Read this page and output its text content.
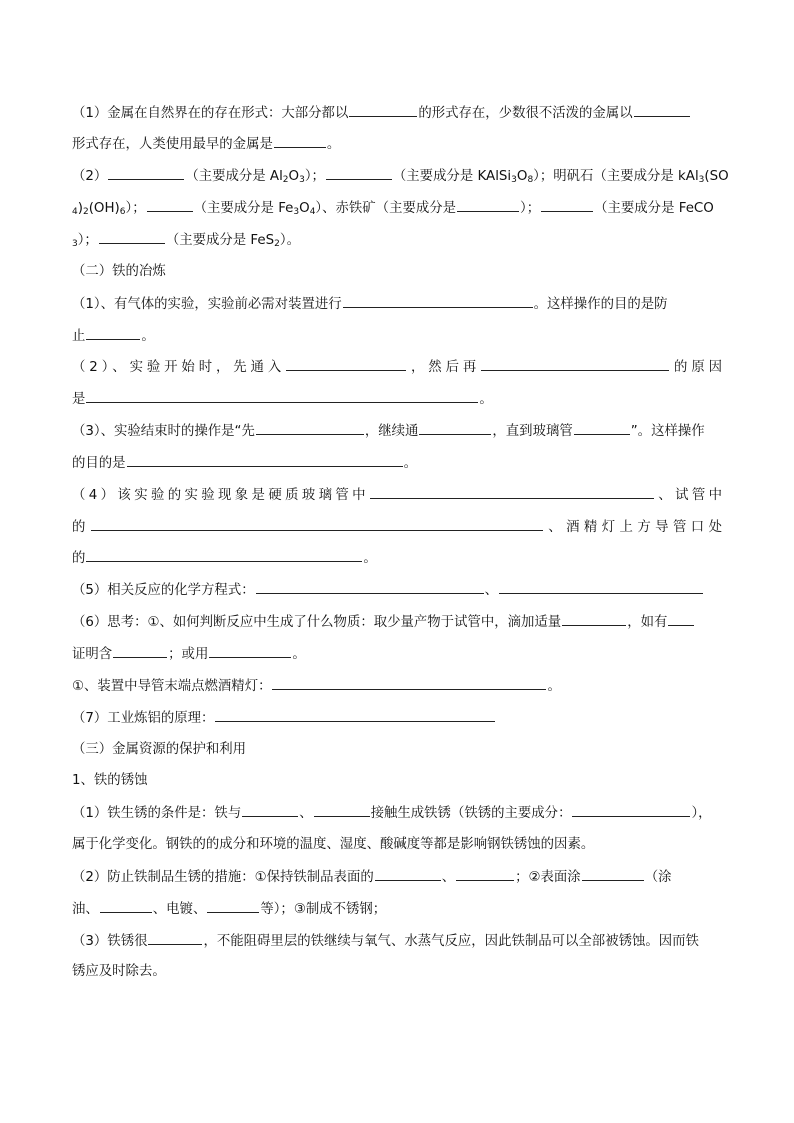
（1）金属在自然界在的存在形式：大部分都以	的形式存在，少数很不活泼的金属以
形式存在，人类使用最早的金属是	。
（2）	（主要成分是 $Al_2O_3$）；	（主要成分是 $KAlSi_3O_8$）；明矾石（主要成分是 kAl$_3$(SO
$_4)_2(OH)_6$）；	（主要成分是 $Fe_3O_4$）、赤铁矿（主要成分是	）；	（主要成分是 FeCO
$_3$）；	（主要成分是 FeS$_2$）。
（二）铁的冶炼
（1）、有气体的实验，实验前必需对装置进行	。这样操作的目的是防
止	。
（2）、实验开始时，先通入	，然后再	的原因
是	。
（3）、实验结束时的操作是“先	，继续通	，直到玻璃管	”。这样操作
的目的是	。
（4）该实验的实验现象是硬质玻璃管中	、试管中
的	、酒精灯上方导管口处
的	。
（5）相关反应的化学方程式：	、
（6）思考：①、如何判断反应中生成了什么物质：取少量产物于试管中，滴加适量	，如有
证明含	；或用	。
①、装置中导管末端点燃酒精灯：	。
（7）工业炼铝的原理：
（三）金属资源的保护和利用
1、铁的锈蚀
（1）铁生锈的条件是：铁与	、	接触生成铁锈（铁锈的主要成分：	），
属于化学变化。钢铁的的成分和环境的温度、湿度、酸碱度等都是影响钢铁锈蚀的因素。
（2）防止铁制品生锈的措施：①保持铁制品表面的	、	；②表面涂	（涂
油、	、电镀、	等）；③制成不锈钢；
（3）铁锈很	，不能阻碍里层的铁继续与氧气、水蒸气反应，因此铁制品可以全部被锈蚀。因而铁
锈应及时除去。
